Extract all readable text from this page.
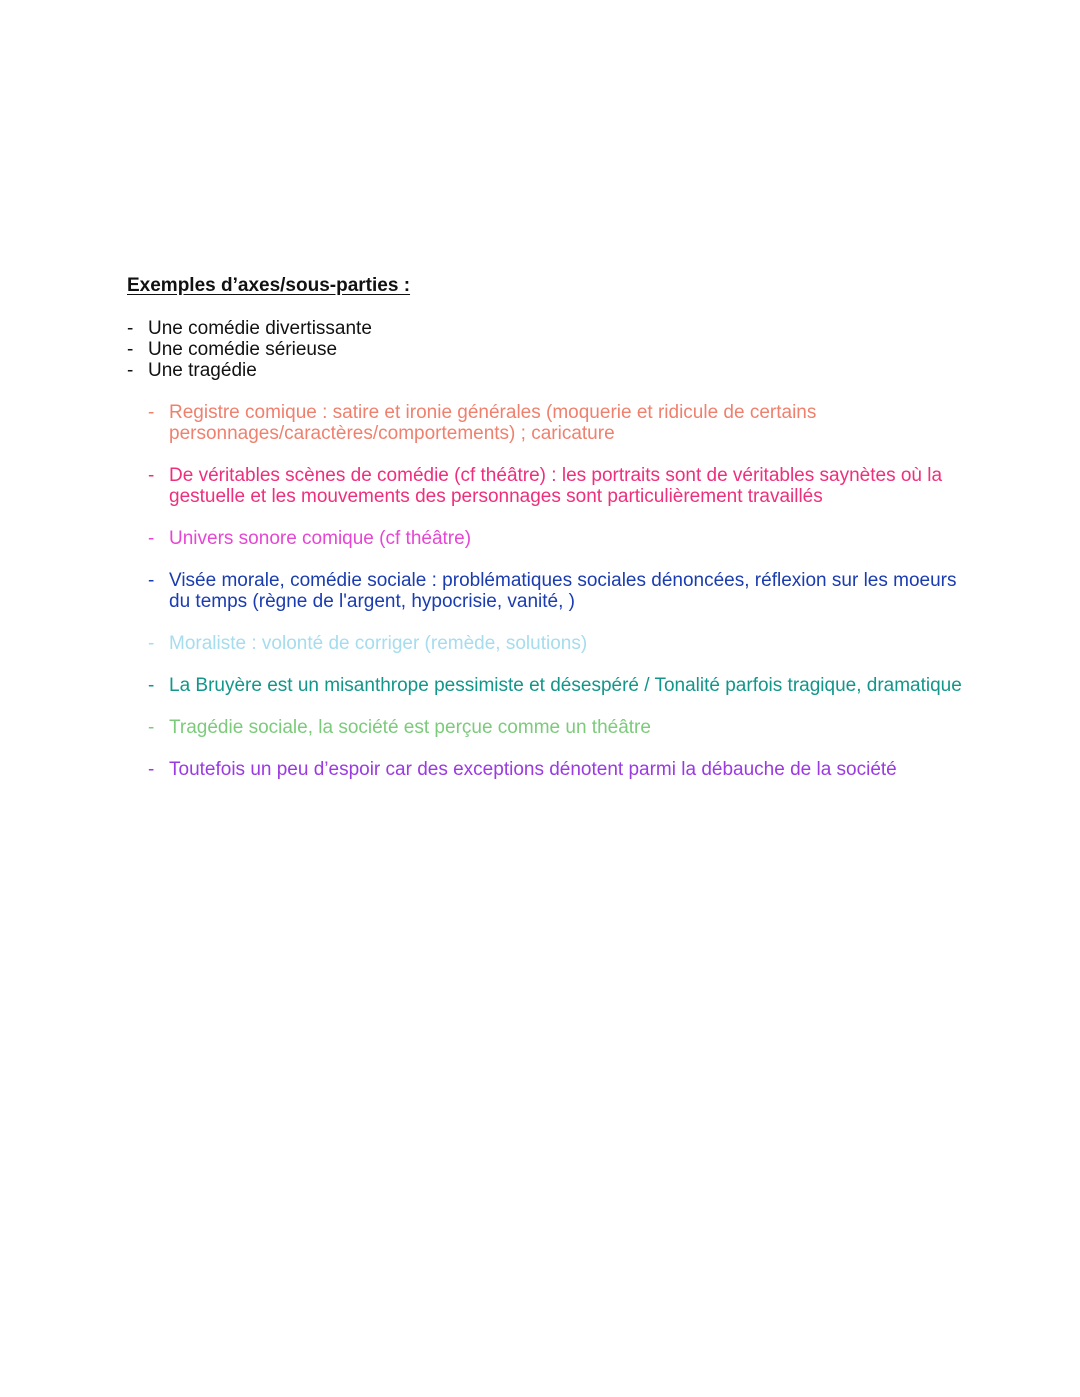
Exemples d’axes/sous-parties :
- Une comédie divertissante
- Une comédie sérieuse
- Une tragédie
- Registre comique : satire et ironie générales (moquerie et ridicule de certains personnages/caractères/comportements) ; caricature
- De véritables scènes de comédie (cf théâtre) : les portraits sont de véritables saynètes où la gestuelle et les mouvements des personnages sont particulièrement travaillés
- Univers sonore comique (cf théâtre)
- Visée morale, comédie sociale : problématiques sociales dénoncées, réflexion sur les moeurs du temps (règne de l'argent, hypocrisie, vanité, )
- Moraliste : volonté de corriger (remède, solutions)
- La Bruyère est un misanthrope pessimiste et désespéré / Tonalité parfois tragique, dramatique
- Tragédie sociale, la société est perçue comme un théâtre
- Toutefois un peu d’espoir car des exceptions dénotent parmi la débauche de la société
